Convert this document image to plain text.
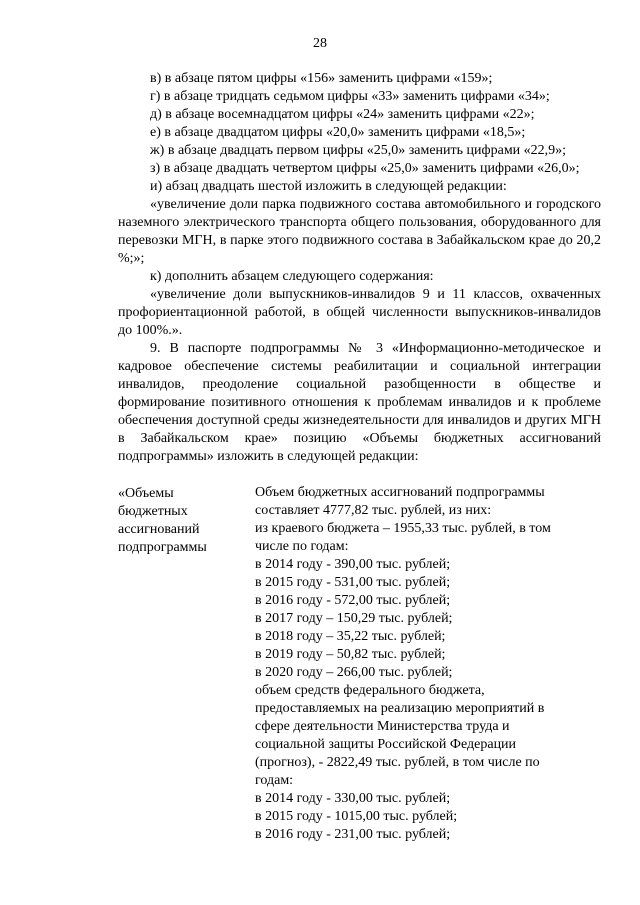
28

в) в абзаце пятом цифры «156» заменить цифрами «159»;

г) в абзаце тридцать седьмом цифры «33» заменить цифрами «34»;

д) в абзаце восемнадцатом цифры «24» заменить цифрами «22»;

е) в абзаце двадцатом цифры «20,0» заменить цифрами «18,5»;

ж) в абзаце двадцать первом цифры «25,0» заменить цифрами «22,9»;

з) в абзаце двадцать четвертом цифры «25,0» заменить цифрами «26,0»;

и) абзац двадцать шестой изложить в следующей редакции:

«увеличение доли парка подвижного состава автомобильного и городского наземного электрического транспорта общего пользования, оборудованного для перевозки МГН, в парке этого подвижного состава в Забайкальском крае до 20,2 %;»;

к) дополнить абзацем следующего содержания:

«увеличение доли выпускников-инвалидов 9 и 11 классов, охваченных профориентационной работой, в общей численности выпускников-инвалидов до 100%.».

9. В паспорте подпрограммы № 3 «Информационно-методическое и кадровое обеспечение системы реабилитации и социальной интеграции инвалидов, преодоление социальной разобщенности в обществе и формирование позитивного отношения к проблемам инвалидов и к проблеме обеспечения доступной среды жизнедеятельности для инвалидов и других МГН в Забайкальском крае» позицию «Объемы бюджетных ассигнований подпрограммы» изложить в следующей редакции:

«Объемы
бюджетных
ассигнований
подпрограммы
Объем бюджетных ассигнований подпрограммы
составляет 4777,82 тыс. рублей, из них:
из краевого бюджета – 1955,33 тыс. рублей, в том
числе по годам:
в 2014 году - 390,00 тыс. рублей;
в 2015 году - 531,00 тыс. рублей;
в 2016 году - 572,00 тыс. рублей;
в 2017 году – 150,29 тыс. рублей;
в 2018 году – 35,22 тыс. рублей;
в 2019 году – 50,82 тыс. рублей;
в 2020 году – 266,00 тыс. рублей;
объем средств федерального бюджета,
предоставляемых на реализацию мероприятий в
сфере деятельности Министерства труда и
социальной защиты Российской Федерации
(прогноз), - 2822,49 тыс. рублей, в том числе по
годам:
в 2014 году - 330,00 тыс. рублей;
в 2015 году - 1015,00 тыс. рублей;
в 2016 году - 231,00 тыс. рублей;
